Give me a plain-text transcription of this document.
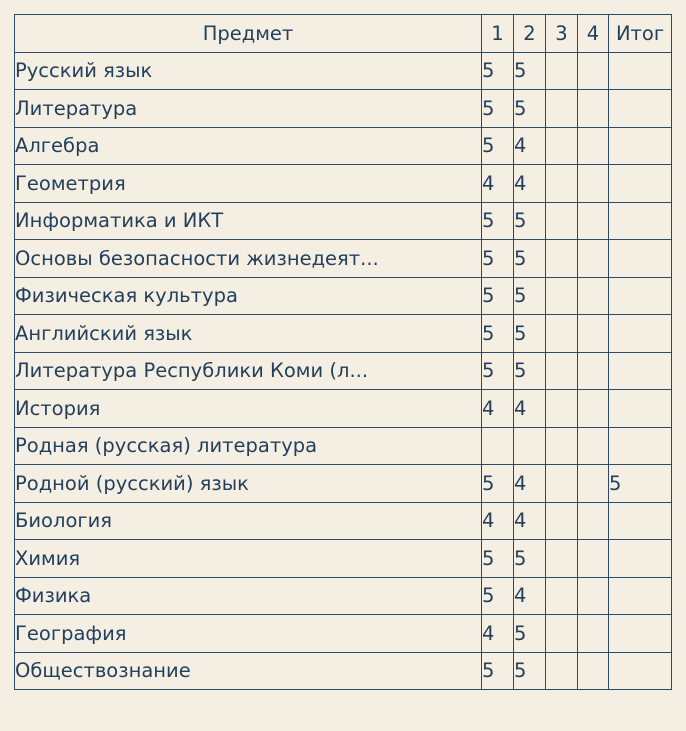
Предмет	1	2	3	4	Итог
Русский язык	5	5			
Литература	5	5			
Алгебра	5	4			
Геометрия	4	4			
Информатика и ИКТ	5	5			
Основы безопасности жизнедеят...	5	5			
Физическая культура	5	5			
Английский язык	5	5			
Литература Республики Коми (л...	5	5			
История	4	4			
Родная (русская) литература					
Родной (русский) язык	5	4			5
Биология	4	4			
Химия	5	5			
Физика	5	4			
География	4	5			
Обществознание	5	5			
